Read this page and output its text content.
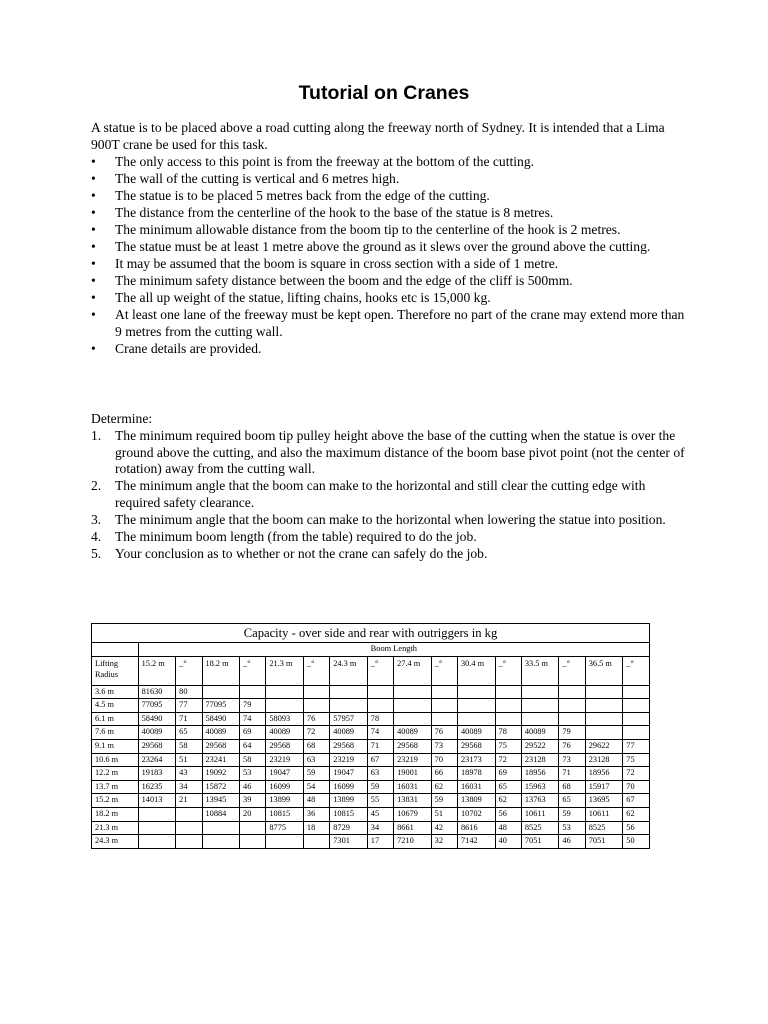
Tutorial on Cranes
A statue is to be placed above a road cutting along the freeway north of Sydney. It is intended that a Lima 900T crane be used for this task.
• The only access to this point is from the freeway at the bottom of the cutting.
• The wall of the cutting is vertical and 6 metres high.
• The statue is to be placed 5 metres back from the edge of the cutting.
• The distance from the centerline of the hook to the base of the statue is 8 metres.
• The minimum allowable distance from the boom tip to the centerline of the hook is 2 metres.
• The statue must be at least 1 metre above the ground as it slews over the ground above the cutting.
• It may be assumed that the boom is square in cross section with a side of 1 metre.
• The minimum safety distance between the boom and the edge of the cliff is 500mm.
• The all up weight of the statue, lifting chains, hooks etc is 15,000 kg.
• At least one lane of the freeway must be kept open. Therefore no part of the crane may extend more than 9 metres from the cutting wall.
• Crane details are provided.
Determine:
1. The minimum required boom tip pulley height above the base of the cutting when the statue is over the ground above the cutting, and also the maximum distance of the boom base pivot point (not the center of rotation) away from the cutting wall.
2. The minimum angle that the boom can make to the horizontal and still clear the cutting edge with required safety clearance.
3. The minimum angle that the boom can make to the horizontal when lowering the statue into position.
4. The minimum boom length (from the table) required to do the job.
5. Your conclusion as to whether or not the crane can safely do the job.
Capacity - over side and rear with outriggers in kg																
	Boom Length															
Lifting Radius	15.2 m	_°	18.2 m	_°	21.3 m	_°	24.3 m	_°	27.4 m	_°	30.4 m	_°	33.5 m	_°	36.5 m	_°
3.6 m	81630	80														
4.5 m	77095	77	77095	79												
6.1 m	58490	71	58490	74	58093	76	57957	78								
7.6 m	40089	65	40089	69	40089	72	40089	74	40089	76	40089	78	40089	79		
9.1 m	29568	58	29568	64	29568	68	29568	71	29568	73	29568	75	29522	76	29622	77
10.6 m	23264	51	23241	58	23219	63	23219	67	23219	70	23173	72	23128	73	23128	75
12.2 m	19183	43	19092	53	19047	59	19047	63	19001	66	18978	69	18956	71	18956	72
13.7 m	16235	34	15872	46	16099	54	16099	59	16031	62	16031	65	15963	68	15917	70
15.2 m	14013	21	13945	39	13899	48	13899	55	13831	59	13809	62	13763	65	13695	67
18.2 m			10884	20	10815	36	10815	45	10679	51	10702	56	10611	59	10611	62
21.3 m					8775	18	8729	34	8661	42	8616	48	8525	53	8525	56
24.3 m							7301	17	7210	32	7142	40	7051	46	7051	50
